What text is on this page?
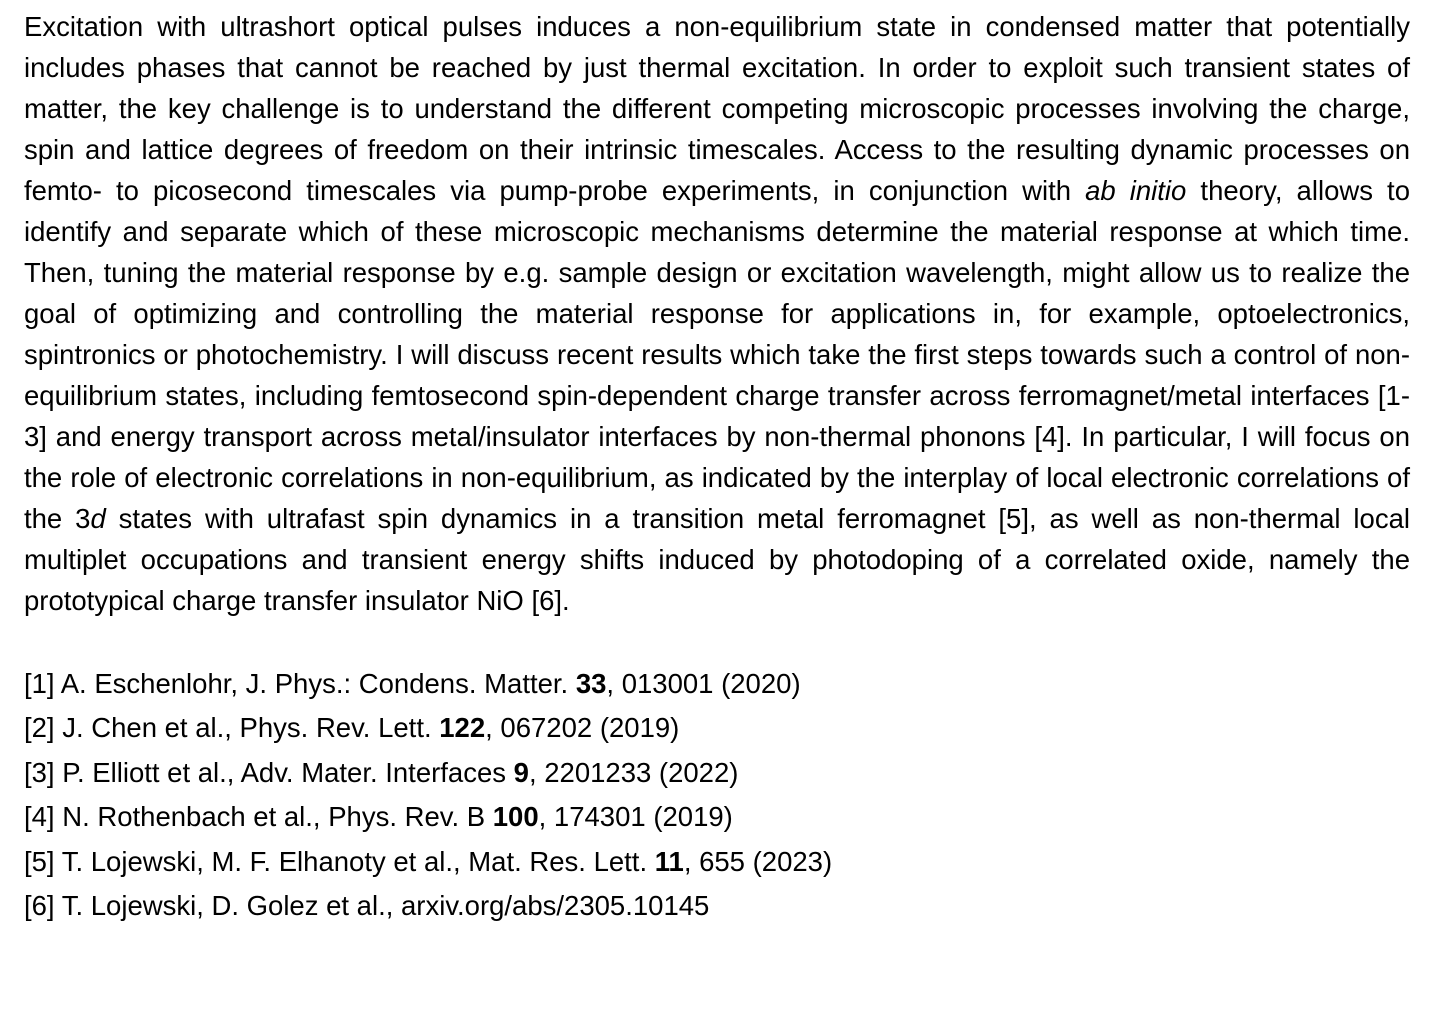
Excitation with ultrashort optical pulses induces a non-equilibrium state in condensed matter that potentially includes phases that cannot be reached by just thermal excitation. In order to exploit such transient states of matter, the key challenge is to understand the different competing microscopic processes involving the charge, spin and lattice degrees of freedom on their intrinsic timescales. Access to the resulting dynamic processes on femto- to picosecond timescales via pump-probe experiments, in conjunction with ab initio theory, allows to identify and separate which of these microscopic mechanisms determine the material response at which time. Then, tuning the material response by e.g. sample design or excitation wavelength, might allow us to realize the goal of optimizing and controlling the material response for applications in, for example, optoelectronics, spintronics or photochemistry. I will discuss recent results which take the first steps towards such a control of non-equilibrium states, including femtosecond spin-dependent charge transfer across ferromagnet/metal interfaces [1-3] and energy transport across metal/insulator interfaces by non-thermal phonons [4]. In particular, I will focus on the role of electronic correlations in non-equilibrium, as indicated by the interplay of local electronic correlations of the 3d states with ultrafast spin dynamics in a transition metal ferromagnet [5], as well as non-thermal local multiplet occupations and transient energy shifts induced by photodoping of a correlated oxide, namely the prototypical charge transfer insulator NiO [6].

[1] A. Eschenlohr, J. Phys.: Condens. Matter. 33, 013001 (2020)
[2] J. Chen et al., Phys. Rev. Lett. 122, 067202 (2019)
[3] P. Elliott et al., Adv. Mater. Interfaces 9, 2201233 (2022)
[4] N. Rothenbach et al., Phys. Rev. B 100, 174301 (2019)
[5] T. Lojewski, M. F. Elhanoty et al., Mat. Res. Lett. 11, 655 (2023)
[6] T. Lojewski, D. Golez et al., arxiv.org/abs/2305.10145
